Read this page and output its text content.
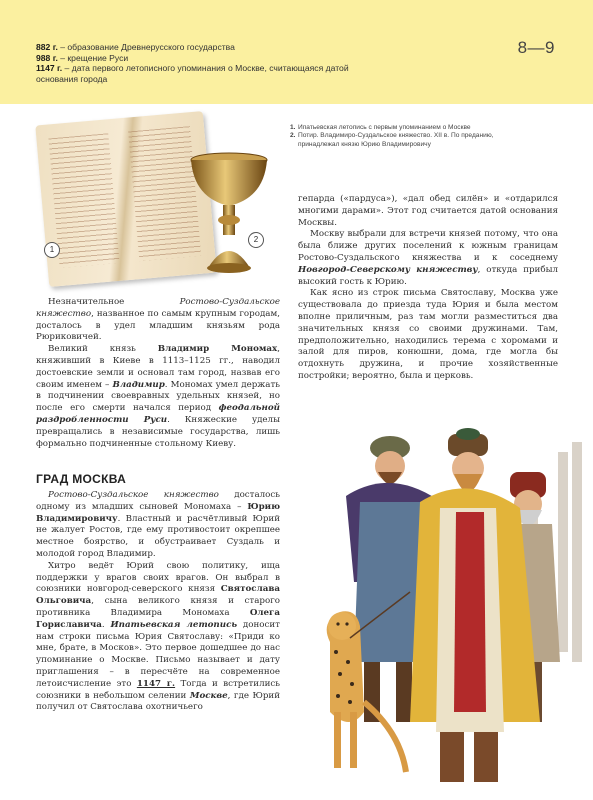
882 г. – образование Древнерусского государства
988 г. – крещение Руси
1147 г. – дата первого летописного упоминания о Москве, считающаяся датой основания города
8—9
1
2
1. Ипатьевская летопись с первым упоминанием о Москве
2. Потир. Владимиро-Суздальское княжество. XII в. По преданию, принадлежал князю Юрию Владимировичу

Незначительное Ростово-Суздальское княжество, названное по самым крупным городам, досталось в удел младшим князьям рода Рюриковичей.

Великий князь Владимир Мономах, княживший в Киеве в 1113–1125 гг., наводил достоевские земли и основал там город, назвав его своим именем – Владимир. Мономах умел держать в подчинении своевравных удельных князей, но после его смерти начался период феодальной раздробленности Руси. Княжеские уделы превращались в независимые государства, лишь формально подчиненные стольному Киеву.

ГРАД МОСКВА

Ростово-Суздальское княжество досталось одному из младших сыновей Мономаха – Юрию Владимировичу. Властный и расчётливый Юрий не жалует Ростов, где ему противостоит окрепшее местное боярство, и обустраивает Суздаль и молодой город Владимир.

Хитро ведёт Юрий свою политику, ища поддержки у врагов своих врагов. Он выбрал в союзники новгород-северского князя Святослава Ольговича, сына великого князя и старого противника Владимира Мономаха Олега Гориславича. Ипатьевская летопись доносит нам строки письма Юрия Святославу: «Приди ко мне, брате, в Москов». Это первое дошедшее до нас упоминание о Москве. Письмо называет и дату приглашения – в пересчёте на современное летоисчисление это 1147 г. Тогда и встретились союзники в небольшом селении Москве, где Юрий получил от Святослава охотничьего

гепарда («пардуса»), «дал обед силён» и «отдарился многими дарами». Этот год считается датой основания Москвы.

Москву выбрали для встречи князей потому, что она была ближе других поселений к южным границам Ростово-Суздальского княжества и к соседнему Новгород-Северскому княжеству, откуда прибыл высокий гость к Юрию.

Как ясно из строк письма Святославу, Москва уже существовала до приезда туда Юрия и была местом вполне приличным, раз там могли разместиться два значительных князя со своими дружинами. Там, предположительно, находились терема с хоромами и залой для пиров, конюшни, дома, где могла бы отдохнуть дружина, и прочие хозяйственные постройки; вероятно, была и церковь.
